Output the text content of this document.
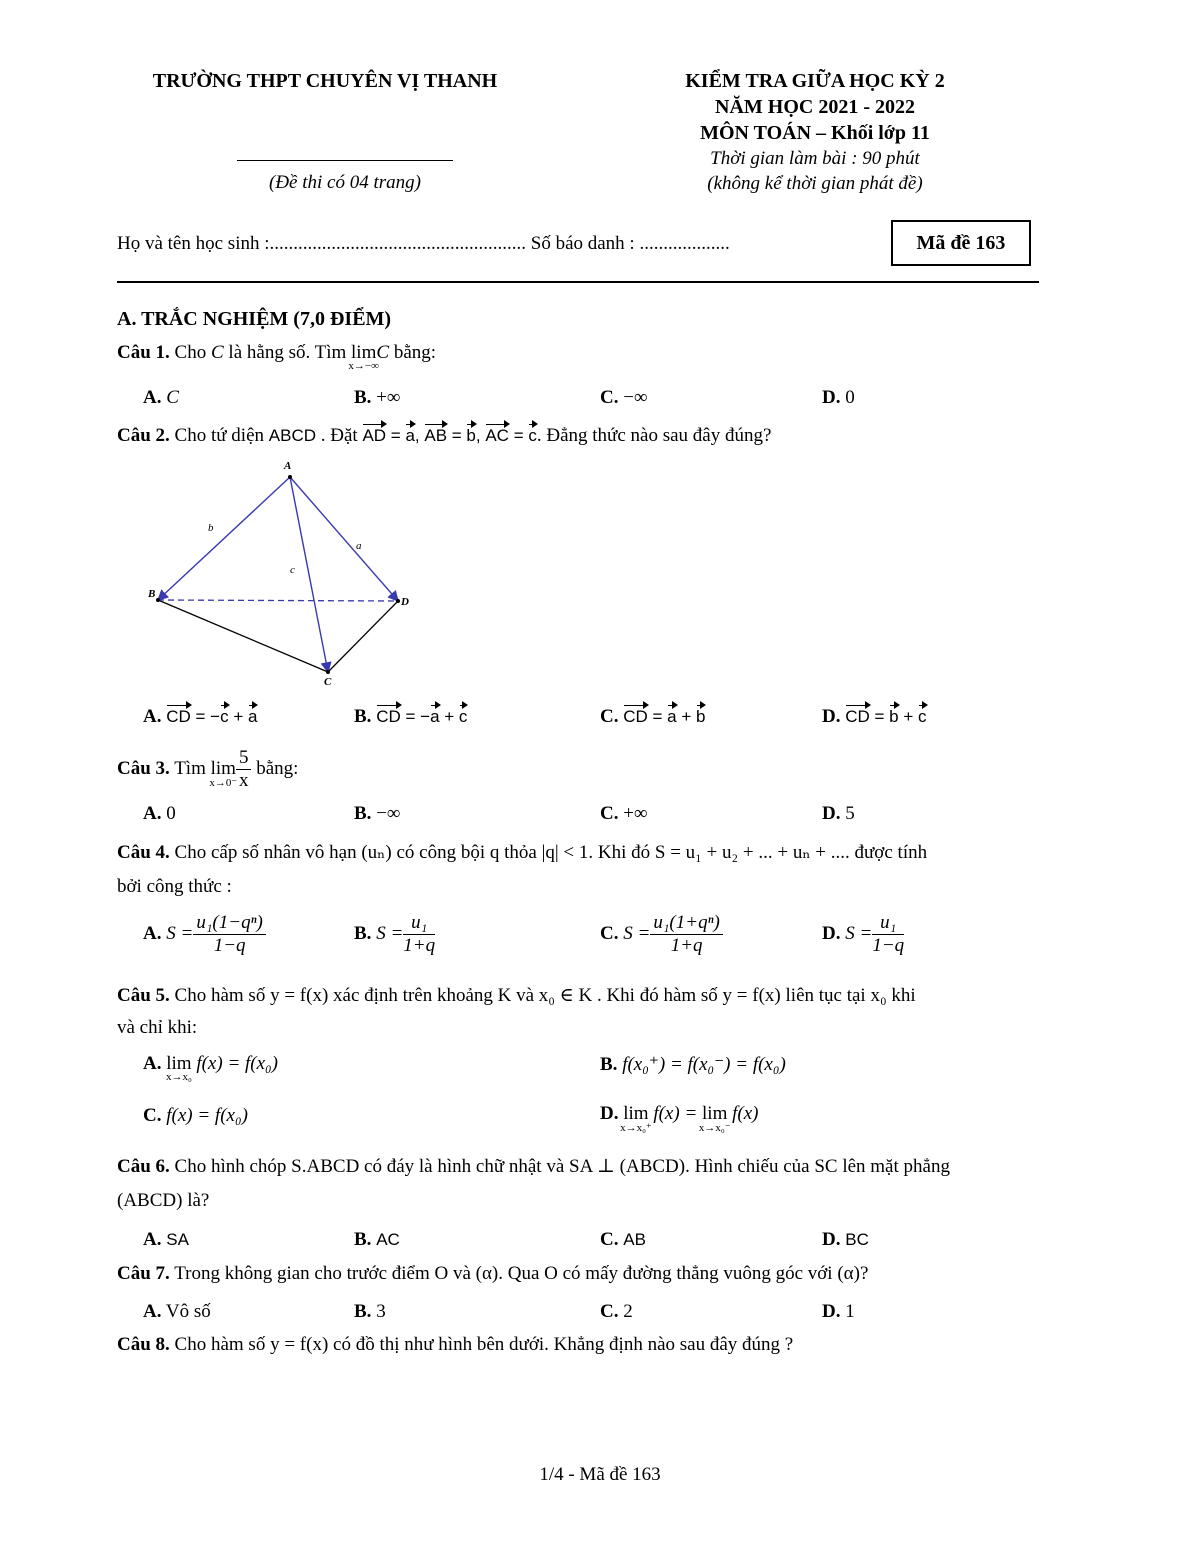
TRƯỜNG THPT CHUYÊN VỊ THANH
(Đề thi có 04 trang)
KIỂM TRA GIỮA HỌC KỲ 2
NĂM HỌC 2021 - 2022
MÔN TOÁN – Khối lớp 11
Thời gian làm bài : 90 phút
(không kể thời gian phát đề)
Họ và tên học sinh :...................................................... Số báo danh : ...................	Mã đề 163
A. TRẮC NGHIỆM (7,0 ĐIỂM)
Câu 1. Cho C là hằng số. Tìm lim
x→−∞
C bằng:
A. C	B. +∞	C. −∞	D. 0
Câu 2. Cho tứ diện ABCD . Đặt AD = a, AB = b, AC = c. Đẳng thức nào sau đây đúng?
A
B
D
C
b
a
c
A. CD = −c + a	B. CD = −a + c	C. CD = a + b	D. CD = b + c
Câu 3. Tìm lim
x→0⁻
$\frac{5}{x}$ bằng:
A. 0	B. −∞	C. +∞	D. 5
Câu 4. Cho cấp số nhân vô hạn (uₙ) có công bội q thỏa |q| < 1. Khi đó S = u₁ + u₂ + ... + uₙ + .... được tính
bởi công thức :
A. $S = \frac{\text{u₁(1−qⁿ)}}{1-q}$	B. $S = \frac{\text{u₁}}{1+q}$	C. $S = \frac{\text{u₁(1+qⁿ)}}{1+q}$	D. $S = \frac{\text{u₁}}{1-q}$
Câu 5. Cho hàm số y = f(x) xác định trên khoảng K và x₀ ∈ K . Khi đó hàm số y = f(x) liên tục tại x₀ khi
và chỉ khi:
A. lim
x→x₀
f(x) = f(x₀)	B. f(x₀⁺) = f(x₀⁻) = f(x₀)
C. f(x) = f(x₀)	D. lim
x→x₀⁺
f(x) = lim
x→x₀⁻
f(x)
Câu 6. Cho hình chóp S.ABCD có đáy là hình chữ nhật và SA ⊥ (ABCD). Hình chiếu của SC lên mặt phẳng
(ABCD) là?
A. SA	B. AC	C. AB	D. BC
Câu 7. Trong không gian cho trước điểm O và (α). Qua O có mấy đường thẳng vuông góc với (α)?
A. Vô số	B. 3	C. 2	D. 1
Câu 8. Cho hàm số y = f(x) có đồ thị như hình bên dưới. Khẳng định nào sau đây đúng ?
1/4 - Mã đề 163
